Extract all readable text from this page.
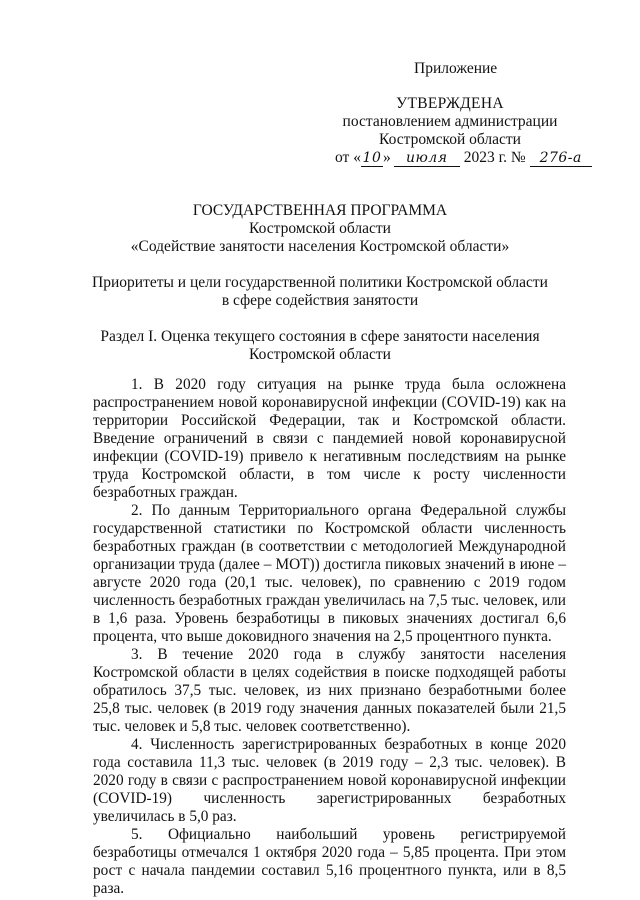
Приложение
УТВЕРЖДЕНА
постановлением администрации
Костромской области
от « 10 » июля 2023 г. № 276-а
ГОСУДАРСТВЕННАЯ ПРОГРАММА
Костромской области
«Содействие занятости населения Костромской области»
Приоритеты и цели государственной политики Костромской области
в сфере содействия занятости
Раздел I. Оценка текущего состояния в сфере занятости населения
Костромской области

1. В 2020 году ситуация на рынке труда была осложнена распространением новой коронавирусной инфекции (COVID-19) как на территории Российской Федерации, так и Костромской области. Введение ограничений в связи с пандемией новой коронавирусной инфекции (COVID-19) привело к негативным последствиям на рынке труда Костромской области, в том числе к росту численности безработных граждан.

2. По данным Территориального органа Федеральной службы государственной статистики по Костромской области численность безработных граждан (в соответствии с методологией Международной организации труда (далее – МОТ)) достигла пиковых значений в июне – августе 2020 года (20,1 тыс. человек), по сравнению с 2019 годом численность безработных граждан увеличилась на 7,5 тыс. человек, или в 1,6 раза. Уровень безработицы в пиковых значениях достигал 6,6 процента, что выше доковидного значения на 2,5 процентного пункта.

3. В течение 2020 года в службу занятости населения Костромской области в целях содействия в поиске подходящей работы обратилось 37,5 тыс. человек, из них признано безработными более 25,8 тыс. человек (в 2019 году значения данных показателей были 21,5 тыс. человек и 5,8 тыс. человек соответственно).

4. Численность зарегистрированных безработных в конце 2020 года составила 11,3 тыс. человек (в 2019 году – 2,3 тыс. человек). В 2020 году в связи с распространением новой коронавирусной инфекции (COVID-19) численность зарегистрированных безработных увеличилась в 5,0 раз.

5. Официально наибольший уровень регистрируемой безработицы отмечался 1 октября 2020 года – 5,85 процента. При этом рост с начала пандемии составил 5,16 процентного пункта, или в 8,5 раза.
